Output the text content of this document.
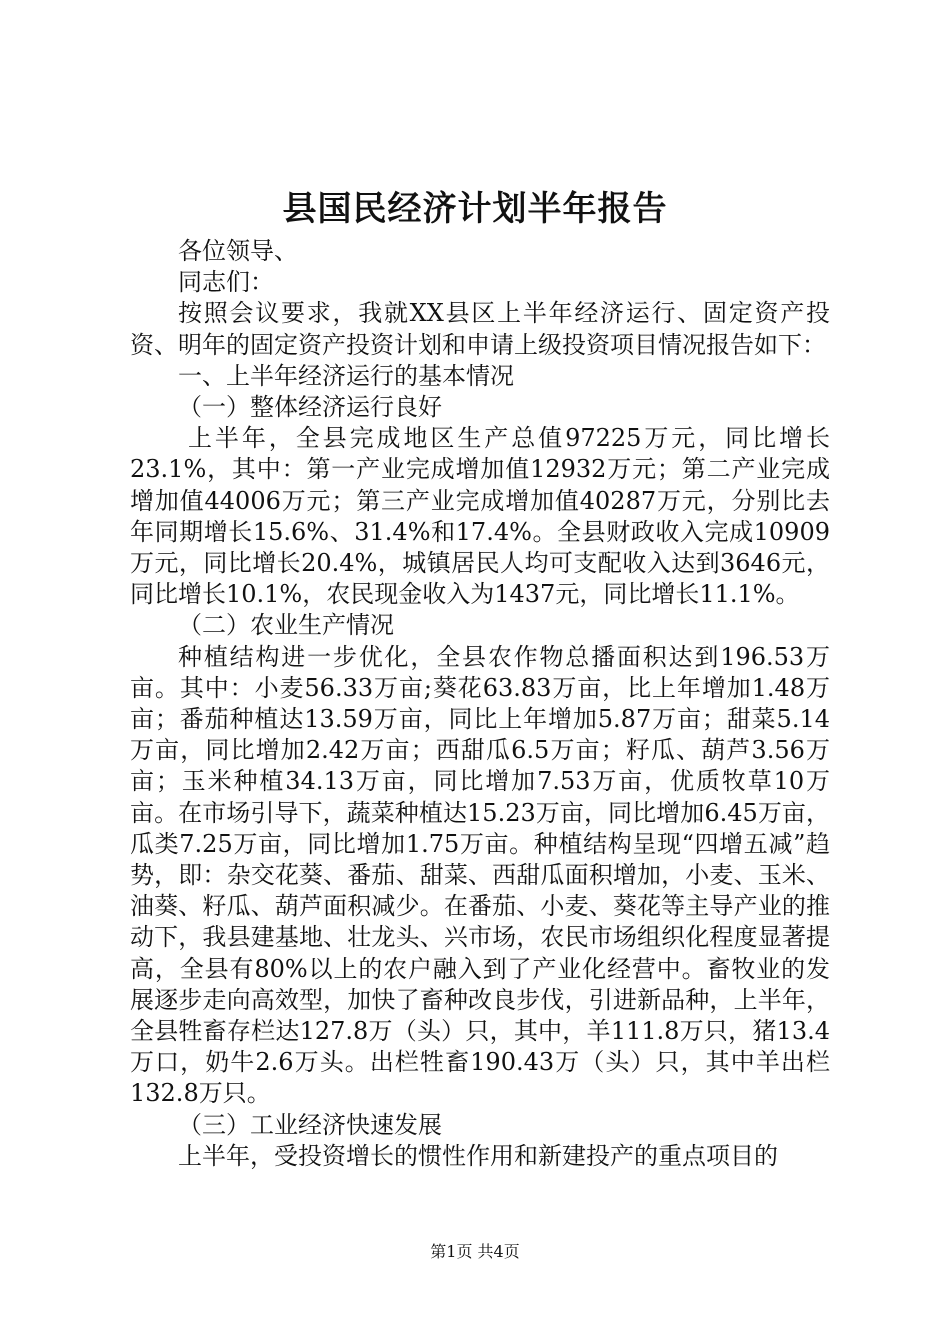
县国民经济计划半年报告

各位领导、

同志们：

按照会议要求，我就XX县区上半年经济运行、固定资产投资、明年的固定资产投资计划和申请上级投资项目情况报告如下：

一、上半年经济运行的基本情况

（一）整体经济运行良好

上半年，全县完成地区生产总值97225万元，同比增长23.1%，其中：第一产业完成增加值12932万元；第二产业完成增加值44006万元；第三产业完成增加值40287万元，分别比去年同期增长15.6%、31.4%和17.4%。全县财政收入完成10909万元，同比增长20.4%，城镇居民人均可支配收入达到3646元，同比增长10.1%，农民现金收入为1437元，同比增长11.1%。

（二）农业生产情况

种植结构进一步优化，全县农作物总播面积达到196.53万亩。其中：小麦56.33万亩;葵花63.83万亩，比上年增加1.48万亩；番茄种植达13.59万亩，同比上年增加5.87万亩；甜菜5.14万亩，同比增加2.42万亩；西甜瓜6.5万亩；籽瓜、葫芦3.56万亩；玉米种植34.13万亩，同比增加7.53万亩，优质牧草10万亩。在市场引导下，蔬菜种植达15.23万亩，同比增加6.45万亩，瓜类7.25万亩，同比增加1.75万亩。种植结构呈现“四增五减”趋势，即：杂交花葵、番茄、甜菜、西甜瓜面积增加，小麦、玉米、油葵、籽瓜、葫芦面积减少。在番茄、小麦、葵花等主导产业的推动下，我县建基地、壮龙头、兴市场，农民市场组织化程度显著提高，全县有80%以上的农户融入到了产业化经营中。畜牧业的发展逐步走向高效型，加快了畜种改良步伐，引进新品种，上半年，全县牲畜存栏达127.8万（头）只，其中，羊111.8万只，猪13.4万口，奶牛2.6万头。出栏牲畜190.43万（头）只，其中羊出栏132.8万只。

（三）工业经济快速发展

上半年，受投资增长的惯性作用和新建投产的重点项目的

第1页 共4页
